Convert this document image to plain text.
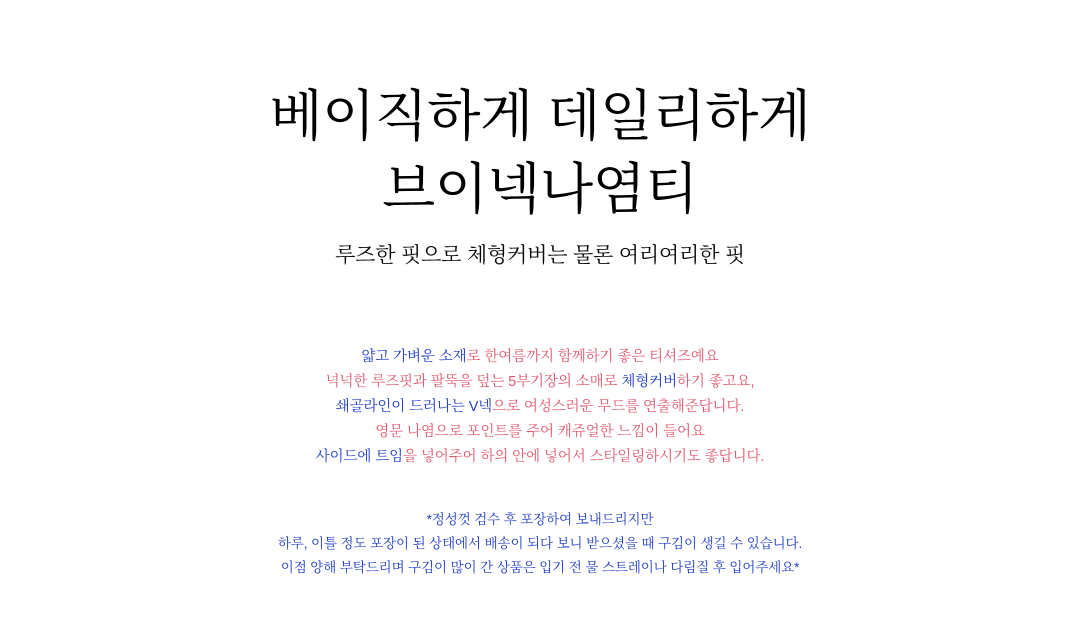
베이직하게 데일리하게
브이넥나염티
루즈한 핏으로 체형커버는 물론 여리여리한 핏
얇고 가벼운 소재로 한여름까지 함께하기 좋은 티셔즈예요
넉넉한 루즈핏과 팔뚝을 덮는 5부기장의 소매로 체형커버하기 좋고요,
쇄골라인이 드러나는 V넥으로 여성스러운 무드를 연출해준답니다.
영문 나염으로 포인트를 주어 캐쥬얼한 느낌이 들어요
사이드에 트임을 넣어주어 하의 안에 넣어서 스타일링하시기도 좋답니다.
*정성껏 검수 후 포장하여 보내드리지만
하루, 이틀 정도 포장이 된 상태에서 배송이 되다 보니 받으셨을 때 구김이 생길 수 있습니다.
이점 양해 부탁드리며 구김이 많이 간 상품은 입기 전 물 스트레이나 다림질 후 입어주세요*
